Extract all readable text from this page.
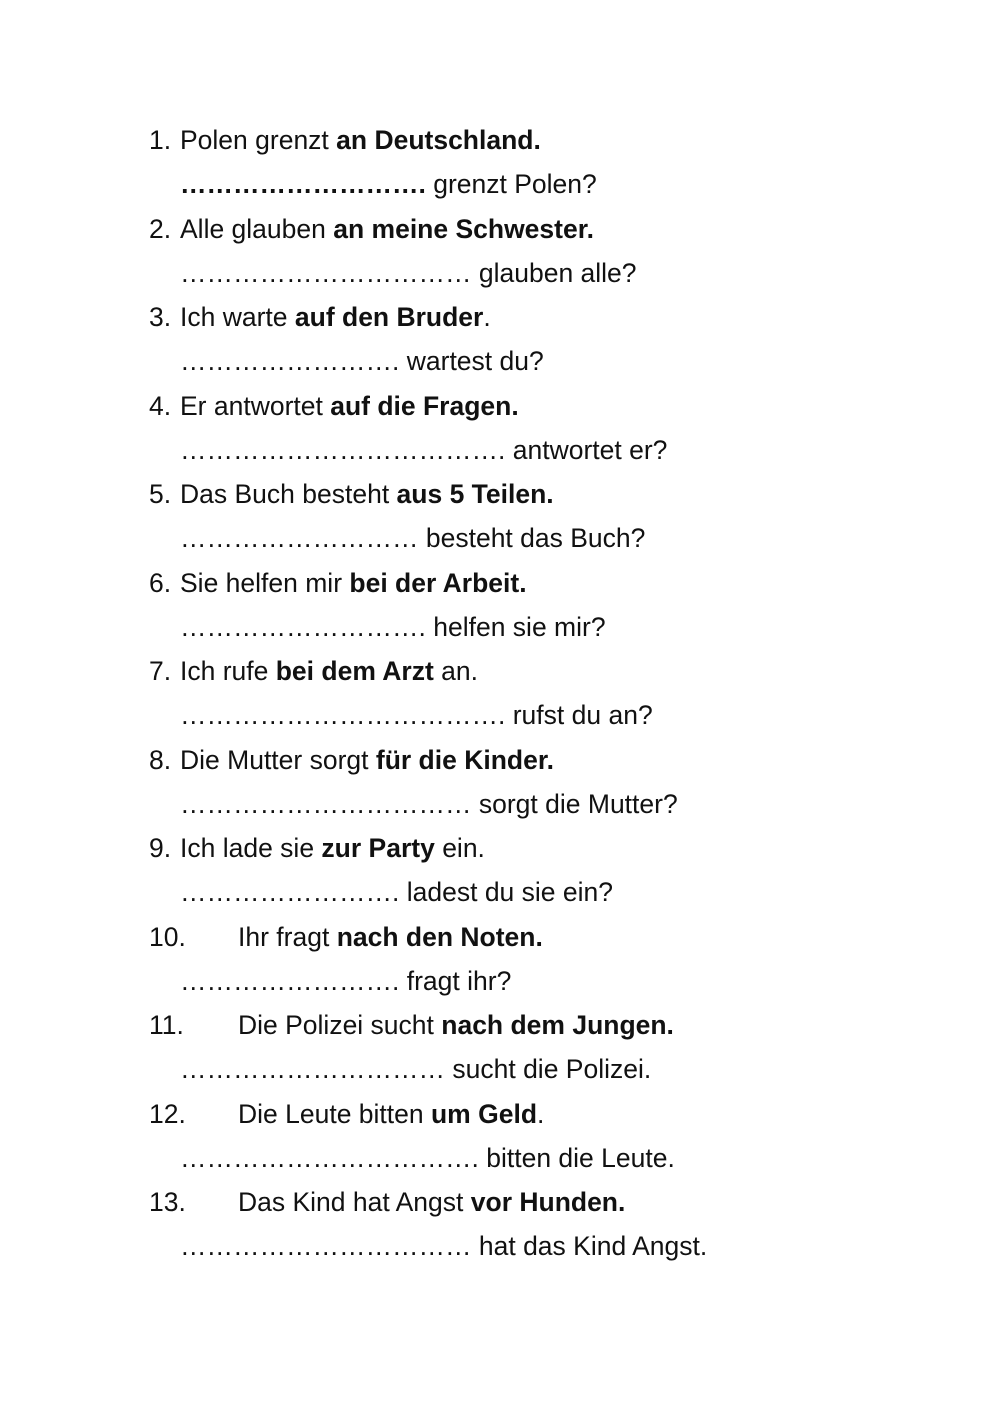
1. Polen grenzt an Deutschland.
………………………. grenzt Polen?
2. Alle glauben an meine Schwester.
…………………………… glauben alle?
3. Ich warte auf den Bruder.
……………………. wartest du?
4. Er antwortet auf die Fragen.
………………………………. antwortet er?
5. Das Buch besteht aus 5 Teilen.
……………………… besteht das Buch?
6. Sie helfen mir bei der Arbeit.
………………………. helfen sie mir?
7. Ich rufe bei dem Arzt an.
………………………………. rufst du an?
8. Die Mutter sorgt für die Kinder.
…………………………… sorgt die Mutter?
9. Ich lade sie zur Party ein.
……………………. ladest du sie ein?
10. Ihr fragt nach den Noten.
……………………. fragt ihr?
11. Die Polizei sucht nach dem Jungen.
………………………… sucht die Polizei.
12. Die Leute bitten um Geld.
……………………………. bitten die Leute.
13. Das Kind hat Angst vor Hunden.
…………………………… hat das Kind Angst.
